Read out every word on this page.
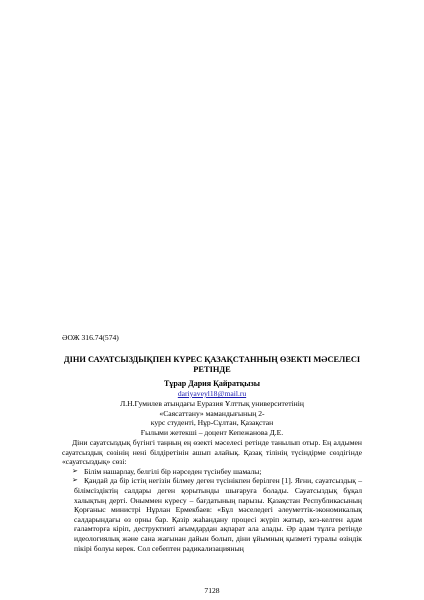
ӘОЖ 316.74(574)
ДІНИ САУАТСЫЗДЫҚПЕН КҮРЕС ҚАЗАҚСТАННЫҢ ӨЗЕКТІ МӘСЕЛЕСІ
РЕТІНДЕ
Тұрар Дария Қайратқызы
dariyaveyl18@mail.ru
Л.Н.Гумилев атындағы Еуразия Ұлттық университетінің «Саясаттану» мамандығының 2-
курс студенті, Нұр-Сұлтан, Қазақстан
Ғылыми жетекші – доцент Кепежанова Д.Е.

Діни сауатсыздық бүгінгі таңның ең өзекті мәселесі ретінде танылып отыр. Ең алдымен сауатсыздық сөзінің нені білдіретінін ашып алайық. Қазақ тілінің түсіндірме сөздігінде «сауатсыздық» сөзі:

➢ Білім нашарлау, белгілі бір нәрседен түсінбеу шамалы;

➢ Қандай да бір істің негізін білмеу деген түсінікпен берілген [1]. Яғни, сауатсыздық – білімсіздіктің салдары деген қорытынды шығаруға болады. Сауатсыздық бұқал халықтың дерті. Оныммен күресу – бағдатының парызы. Қазақстан Республикасының Қорғаныс министрі Нұрлан Ермекбаев: «Бұл мәселедегі әлеуметтік-экономикалық салдарындағы өз орны бар. Қазір жаһандану процесі жүріп жатыр, кез-келген адам ғаламторға кіріп, деструктивті ағымдардан ақпарат ала алады. Әр адам тұлға ретінде идеологиялық және сана жағынан дайын болып, діни ұйымның қызметі туралы өзіндік пікірі болуы керек. Сол себептен радикализацияның

7128
